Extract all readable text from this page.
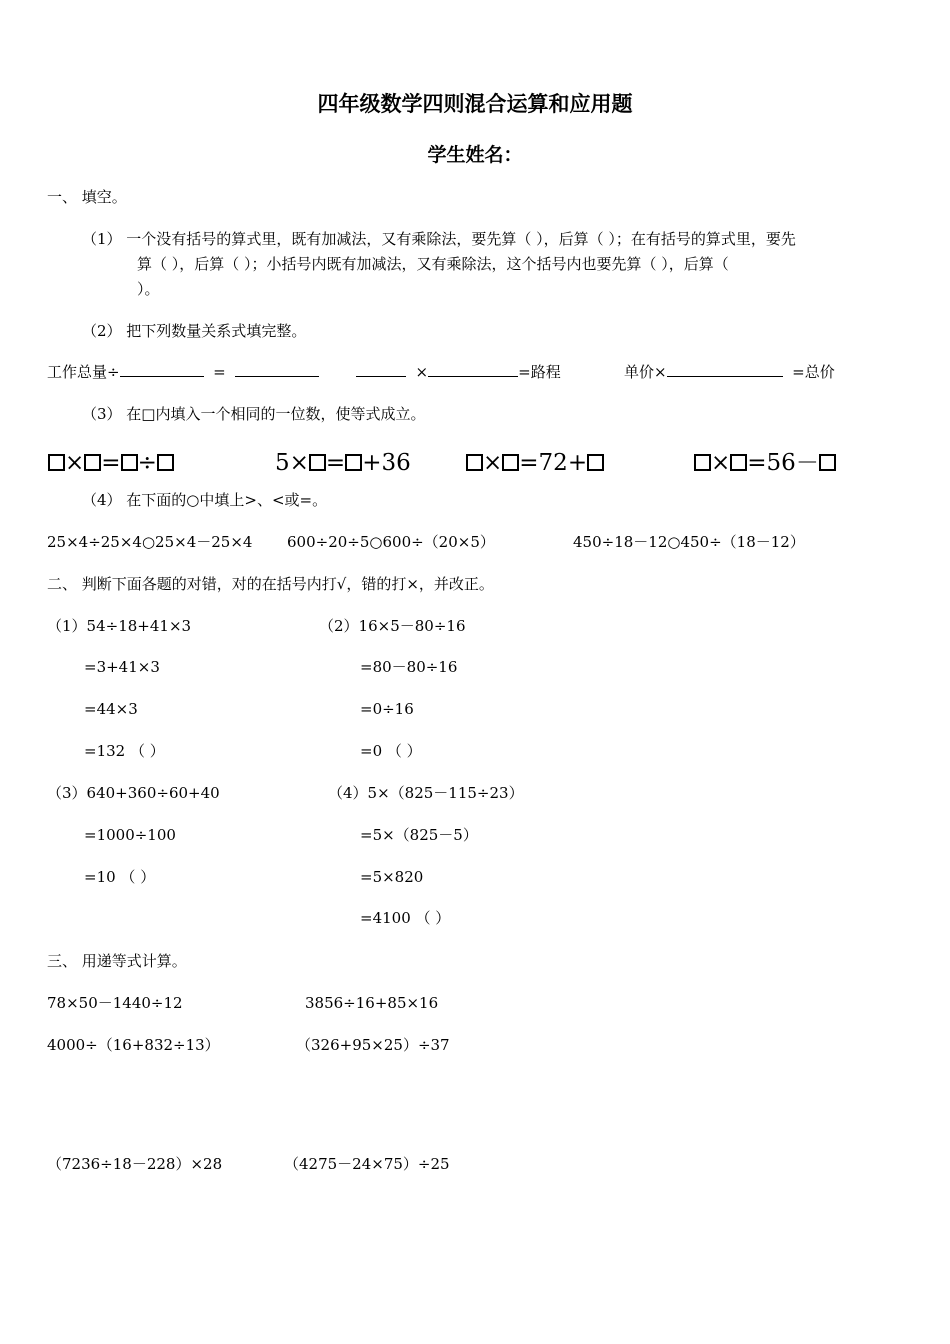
四年级数学四则混合运算和应用题
学生姓名：
一、 填空。
（1） 一个没有括号的算式里，既有加减法，又有乘除法，要先算（ ），后算（ ）；在有括号的算式里，要先
算（ ），后算（ ）；小括号内既有加减法，又有乘除法，这个括号内也要先算（ ），后算（
）。
（2） 把下列数量关系式填完整。
工作总量÷	=	×	=路程	单价×	=总价
（3） 在□内填入一个相同的一位数，使等式成立。
× = ÷	5× = +36	× =72+	× =56－
（4） 在下面的○中填上>、<或=。
25×4÷25×4○25×4－25×4 600÷20÷5○600÷（20×5）	450÷18－12○450÷（18－12）
二、 判断下面各题的对错，对的在括号内打√，错的打×，并改正。
（1）54÷18+41×3
=3+41×3
=44×3
=132 （ ）
（2）16×5－80÷16
=80－80÷16
=0÷16
=0 （ ）
（3）640+360÷60+40
=1000÷100
=10 （ ）
（4）5×（825－115÷23）
=5×（825－5）
=5×820
=4100 （ ）
三、 用递等式计算。
78×50－1440÷12	3856÷16+85×16
4000÷（16+832÷13）	（326+95×25）÷37
（7236÷18－228）×28	（4275－24×75）÷25
